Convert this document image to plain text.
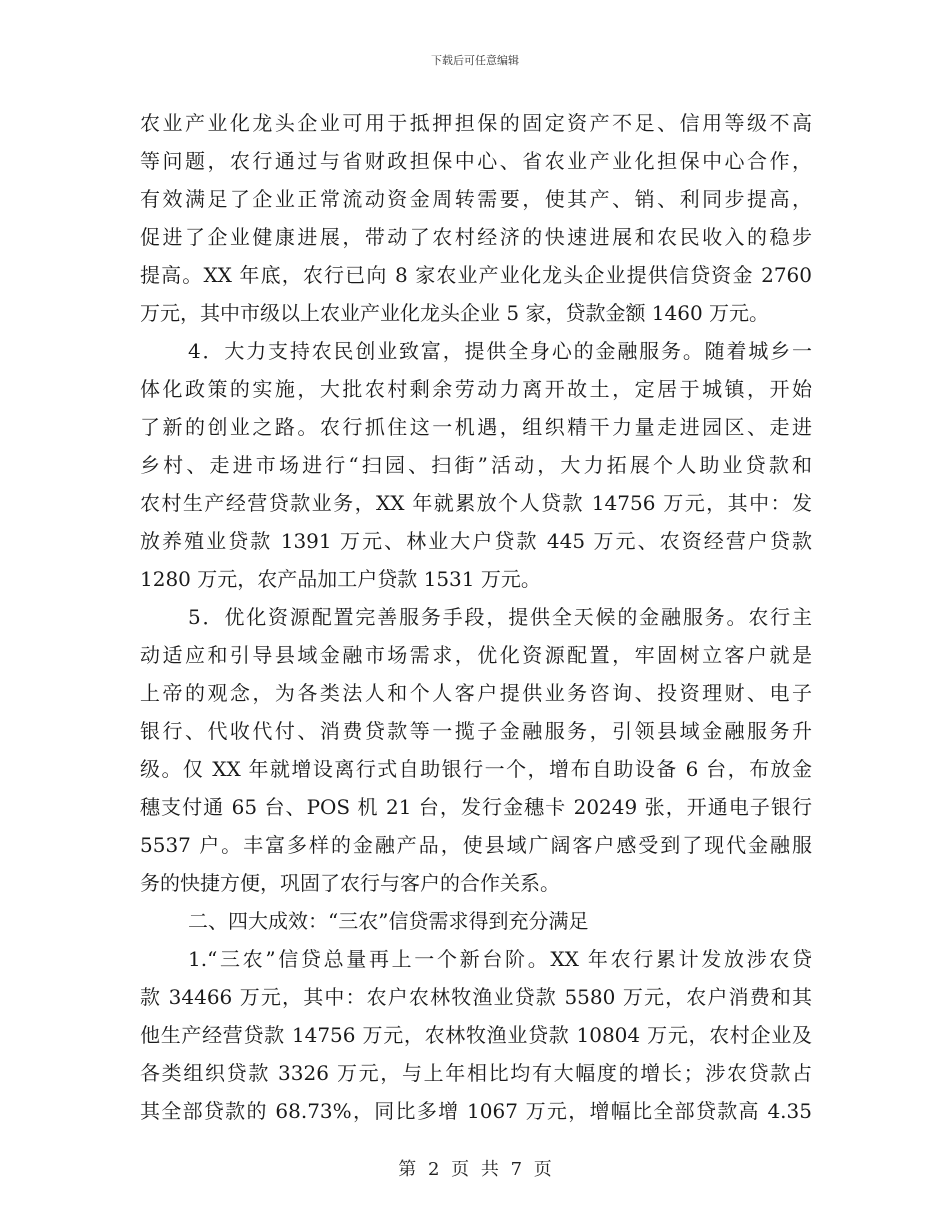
下载后可任意编辑
农业产业化龙头企业可用于抵押担保的固定资产不足、信用等级不高
等问题，农行通过与省财政担保中心、省农业产业化担保中心合作，
有效满足了企业正常流动资金周转需要，使其产、销、利同步提高，
促进了企业健康进展，带动了农村经济的快速进展和农民收入的稳步
提高。XX 年底，农行已向 8 家农业产业化龙头企业提供信贷资金 2760
万元，其中市级以上农业产业化龙头企业 5 家，贷款金额 1460 万元。
4．大力支持农民创业致富，提供全身心的金融服务。随着城乡一
体化政策的实施，大批农村剩余劳动力离开故土，定居于城镇，开始
了新的创业之路。农行抓住这一机遇，组织精干力量走进园区、走进
乡村、走进市场进行“扫园、扫街”活动，大力拓展个人助业贷款和
农村生产经营贷款业务，XX 年就累放个人贷款 14756 万元，其中：发
放养殖业贷款 1391 万元、林业大户贷款 445 万元、农资经营户贷款
1280 万元，农产品加工户贷款 1531 万元。
5．优化资源配置完善服务手段，提供全天候的金融服务。农行主
动适应和引导县域金融市场需求，优化资源配置，牢固树立客户就是
上帝的观念，为各类法人和个人客户提供业务咨询、投资理财、电子
银行、代收代付、消费贷款等一揽子金融服务，引领县域金融服务升
级。仅 XX 年就增设离行式自助银行一个，增布自助设备 6 台，布放金
穗支付通 65 台、POS 机 21 台，发行金穗卡 20249 张，开通电子银行
5537 户。丰富多样的金融产品，使县域广阔客户感受到了现代金融服
务的快捷方便，巩固了农行与客户的合作关系。
二、四大成效：“三农”信贷需求得到充分满足
1.“三农”信贷总量再上一个新台阶。XX 年农行累计发放涉农贷
款 34466 万元，其中：农户农林牧渔业贷款 5580 万元，农户消费和其
他生产经营贷款 14756 万元，农林牧渔业贷款 10804 万元，农村企业及
各类组织贷款 3326 万元，与上年相比均有大幅度的增长；涉农贷款占
其全部贷款的 68.73%，同比多增 1067 万元，增幅比全部贷款高 4.35
第 2 页 共 7 页
